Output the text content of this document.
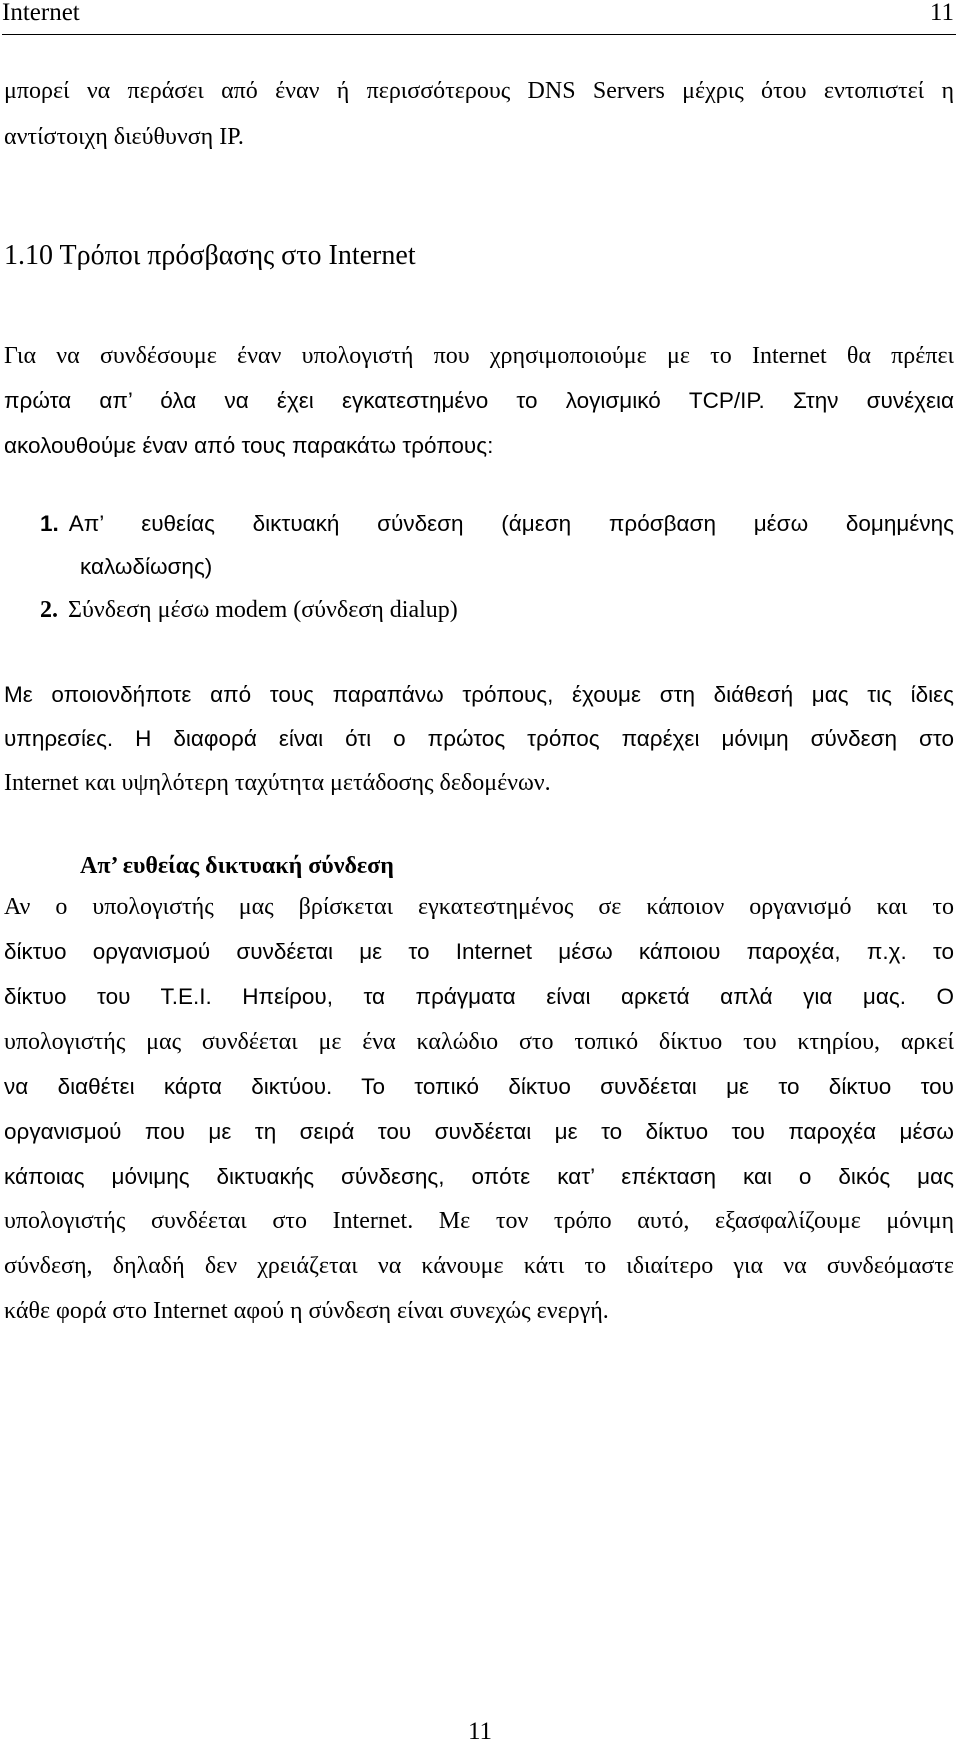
Internet	11
μπορεί να περάσει από έναν ή περισσότερους DNS Servers μέχρις ότου εντοπιστεί η
αντίστοιχη διεύθυνση IP.
1.10 Τρόποι πρόσβασης στο Internet
Για να συνδέσουμε έναν υπολογιστή που χρησιμοποιούμε με το Internet θα πρέπει
πρώτα απ’ όλα να έχει εγκατεστημένο το λογισμικό TCP/IP. Στην συνέχεια
ακολουθούμε έναν από τους παρακάτω τρόπους:
1. Απ’ ευθείας δικτυακή σύνδεση (άμεση πρόσβαση μέσω δομημένης
καλωδίωσης)
2. Σύνδεση μέσω modem (σύνδεση dialup)
Με οποιονδήποτε από τους παραπάνω τρόπους, έχουμε στη διάθεσή μας τις ίδιες
υπηρεσίες. Η διαφορά είναι ότι ο πρώτος τρόπος παρέχει μόνιμη σύνδεση στο
Internet και υψηλότερη ταχύτητα μετάδοσης δεδομένων.
Απ’ ευθείας δικτυακή σύνδεση
Αν ο υπολογιστής μας βρίσκεται εγκατεστημένος σε κάποιον οργανισμό και το
δίκτυο οργανισμού συνδέεται με το Internet μέσω κάποιου παροχέα, π.χ. το
δίκτυο του Τ.Ε.Ι. Ηπείρου, τα πράγματα είναι αρκετά απλά για μας. Ο
υπολογιστής μας συνδέεται με ένα καλώδιο στο τοπικό δίκτυο του κτηρίου, αρκεί
να διαθέτει κάρτα δικτύου. Το τοπικό δίκτυο συνδέεται με το δίκτυο του
οργανισμού που με τη σειρά του συνδέεται με το δίκτυο του παροχέα μέσω
κάποιας μόνιμης δικτυακής σύνδεσης, οπότε κατ’ επέκταση και ο δικός μας
υπολογιστής συνδέεται στο Internet. Με τον τρόπο αυτό, εξασφαλίζουμε μόνιμη
σύνδεση, δηλαδή δεν χρειάζεται να κάνουμε κάτι το ιδιαίτερο για να συνδεόμαστε
κάθε φορά στο Internet αφού η σύνδεση είναι συνεχώς ενεργή.
11
